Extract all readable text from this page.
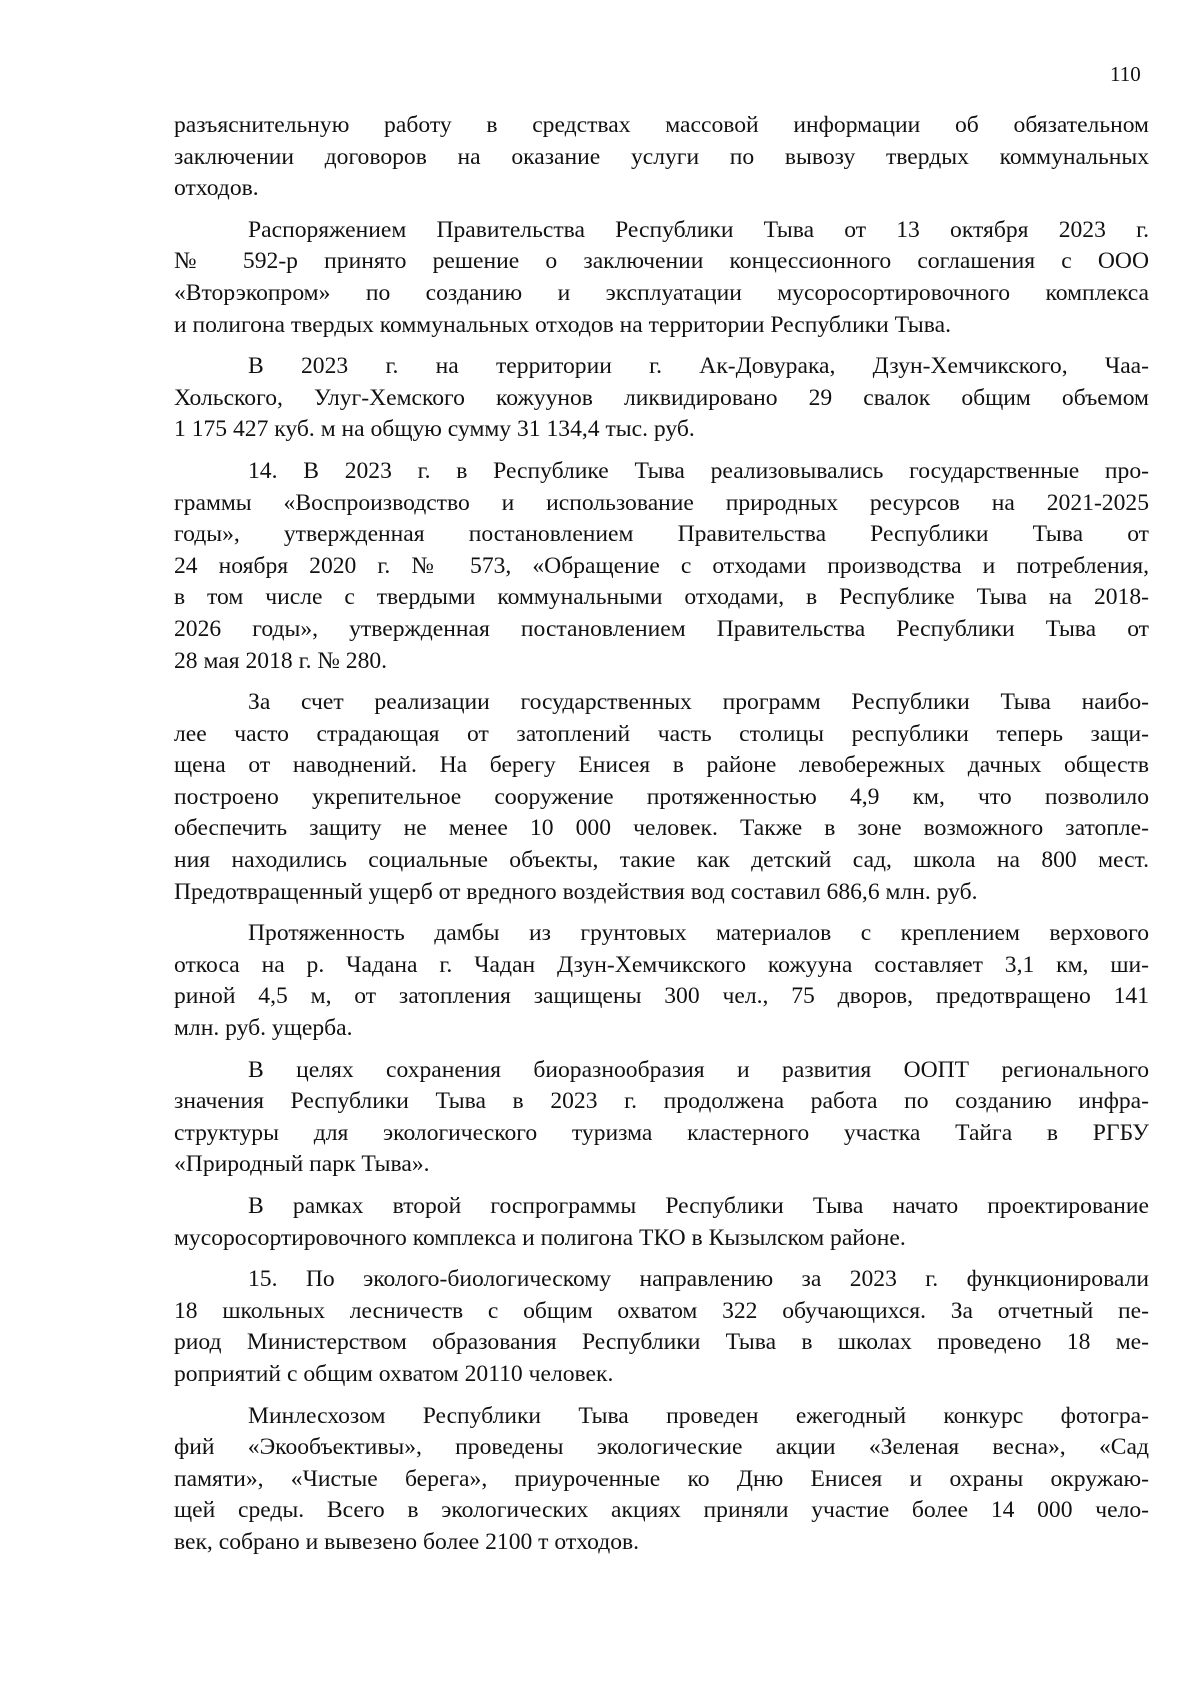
110
разъяснительную работу в средствах массовой информации об обязательном
заключении договоров на оказание услуги по вывозу твердых коммунальных
отходов.
Распоряжением Правительства Республики Тыва от 13 октября 2023 г.
№ 592-р принято решение о заключении концессионного соглашения с ООО
«Вторэкопром» по созданию и эксплуатации мусоросортировочного комплекса
и полигона твердых коммунальных отходов на территории Республики Тыва.
В 2023 г. на территории г. Ак-Довурака, Дзун-Хемчикского, Чаа-
Хольского, Улуг-Хемского кожуунов ликвидировано 29 свалок общим объемом
1 175 427 куб. м на общую сумму 31 134,4 тыс. руб.
14. В 2023 г. в Республике Тыва реализовывались государственные про-
граммы «Воспроизводство и использование природных ресурсов на 2021-2025
годы», утвержденная постановлением Правительства Республики Тыва от
24 ноября 2020 г. № 573, «Обращение с отходами производства и потребления,
в том числе с твердыми коммунальными отходами, в Республике Тыва на 2018-
2026 годы», утвержденная постановлением Правительства Республики Тыва от
28 мая 2018 г. № 280.
За счет реализации государственных программ Республики Тыва наибо-
лее часто страдающая от затоплений часть столицы республики теперь защи-
щена от наводнений. На берегу Енисея в районе левобережных дачных обществ
построено укрепительное сооружение протяженностью 4,9 км, что позволило
обеспечить защиту не менее 10 000 человек. Также в зоне возможного затопле-
ния находились социальные объекты, такие как детский сад, школа на 800 мест.
Предотвращенный ущерб от вредного воздействия вод составил 686,6 млн. руб.
Протяженность дамбы из грунтовых материалов с креплением верхового
откоса на р. Чадана г. Чадан Дзун-Хемчикского кожууна составляет 3,1 км, ши-
риной 4,5 м, от затопления защищены 300 чел., 75 дворов, предотвращено 141
млн. руб. ущерба.
В целях сохранения биоразнообразия и развития ООПТ регионального
значения Республики Тыва в 2023 г. продолжена работа по созданию инфра-
структуры для экологического туризма кластерного участка Тайга в РГБУ
«Природный парк Тыва».
В рамках второй госпрограммы Республики Тыва начато проектирование
мусоросортировочного комплекса и полигона ТКО в Кызылском районе.
15. По эколого-биологическому направлению за 2023 г. функционировали
18 школьных лесничеств с общим охватом 322 обучающихся. За отчетный пе-
риод Министерством образования Республики Тыва в школах проведено 18 ме-
роприятий с общим охватом 20110 человек.
Минлесхозом Республики Тыва проведен ежегодный конкурс фотогра-
фий «Экообъективы», проведены экологические акции «Зеленая весна», «Сад
памяти», «Чистые берега», приуроченные ко Дню Енисея и охраны окружаю-
щей среды. Всего в экологических акциях приняли участие более 14 000 чело-
век, собрано и вывезено более 2100 т отходов.
